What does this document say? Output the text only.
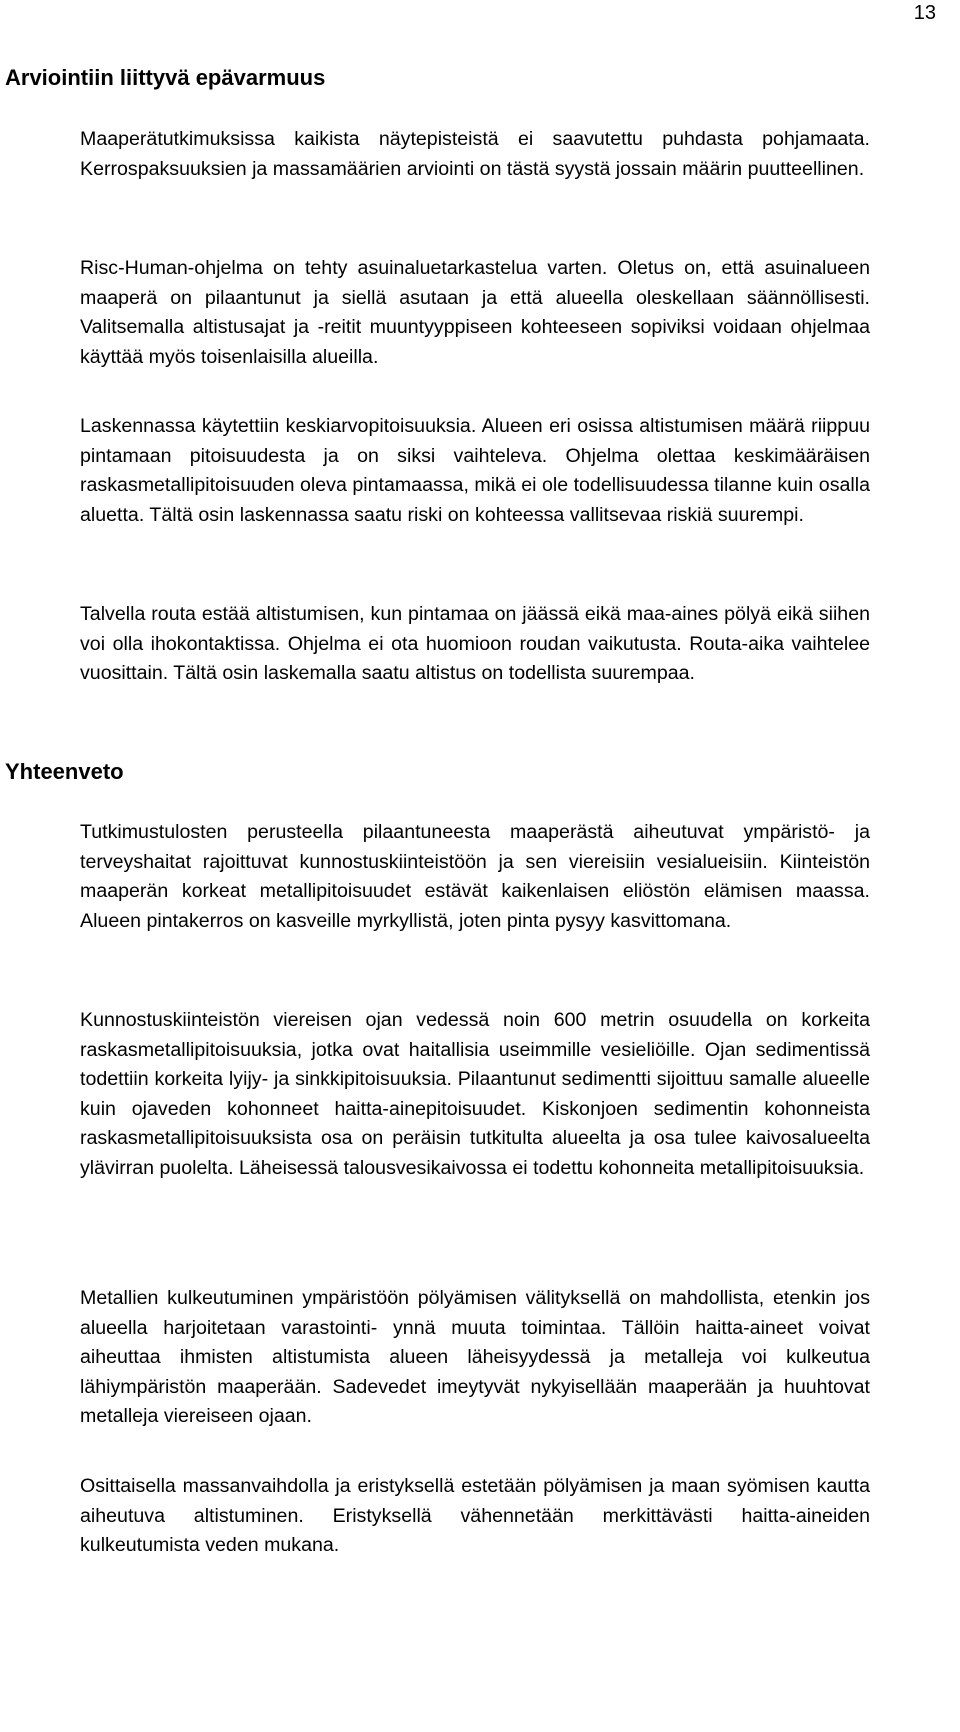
13
Arviointiin liittyvä epävarmuus

Maaperätutkimuksissa kaikista näytepisteistä ei saavutettu puhdasta pohjamaata. Kerrospaksuuksien ja massamäärien arviointi on tästä syystä jossain määrin puutteellinen.

Risc-Human-ohjelma on tehty asuinaluetarkastelua varten. Oletus on, että asuinalueen maaperä on pilaantunut ja siellä asutaan ja että alueella oleskellaan säännöllisesti. Valitsemalla altistusajat ja -reitit muuntyyppiseen kohteeseen sopiviksi voidaan ohjelmaa käyttää myös toisenlaisilla alueilla.

Laskennassa käytettiin keskiarvopitoisuuksia. Alueen eri osissa altistumisen määrä riippuu pintamaan pitoisuudesta ja on siksi vaihteleva. Ohjelma olettaa keskimääräisen raskasmetallipitoisuuden oleva pintamaassa, mikä ei ole todellisuudessa tilanne kuin osalla aluetta. Tältä osin laskennassa saatu riski on kohteessa vallitsevaa riskiä suurempi.

Talvella routa estää altistumisen, kun pintamaa on jäässä eikä maa-aines pölyä eikä siihen voi olla ihokontaktissa. Ohjelma ei ota huomioon roudan vaikutusta. Routa-aika vaihtelee vuosittain. Tältä osin laskemalla saatu altistus on todellista suurempaa.

Yhteenveto

Tutkimustulosten perusteella pilaantuneesta maaperästä aiheutuvat ympäristö- ja terveyshaitat rajoittuvat kunnostuskiinteistöön ja sen viereisiin vesialueisiin. Kiinteistön maaperän korkeat metallipitoisuudet estävät kaikenlaisen eliöstön elämisen maassa. Alueen pintakerros on kasveille myrkyllistä, joten pinta pysyy kasvittomana.

Kunnostuskiinteistön viereisen ojan vedessä noin 600 metrin osuudella on korkeita raskasmetallipitoisuuksia, jotka ovat haitallisia useimmille vesieliöille. Ojan sedimentissä todettiin korkeita lyijy- ja sinkkipitoisuuksia. Pilaantunut sedimentti sijoittuu samalle alueelle kuin ojaveden kohonneet haitta-ainepitoisuudet. Kiskonjoen sedimentin kohonneista raskasmetallipitoisuuksista osa on peräisin tutkitulta alueelta ja osa tulee kaivosalueelta ylävirran puolelta. Läheisessä talousvesikaivossa ei todettu kohonneita metallipitoisuuksia.

Metallien kulkeutuminen ympäristöön pölyämisen välityksellä on mahdollista, etenkin jos alueella harjoitetaan varastointi- ynnä muuta toimintaa. Tällöin haitta-aineet voivat aiheuttaa ihmisten altistumista alueen läheisyydessä ja metalleja voi kulkeutua lähiympäristön maaperään. Sadevedet imeytyvät nykyisellään maaperään ja huuhtovat metalleja viereiseen ojaan.

Osittaisella massanvaihdolla ja eristyksellä estetään pölyämisen ja maan syömisen kautta aiheutuva altistuminen. Eristyksellä vähennetään merkittävästi haitta-aineiden kulkeutumista veden mukana.
